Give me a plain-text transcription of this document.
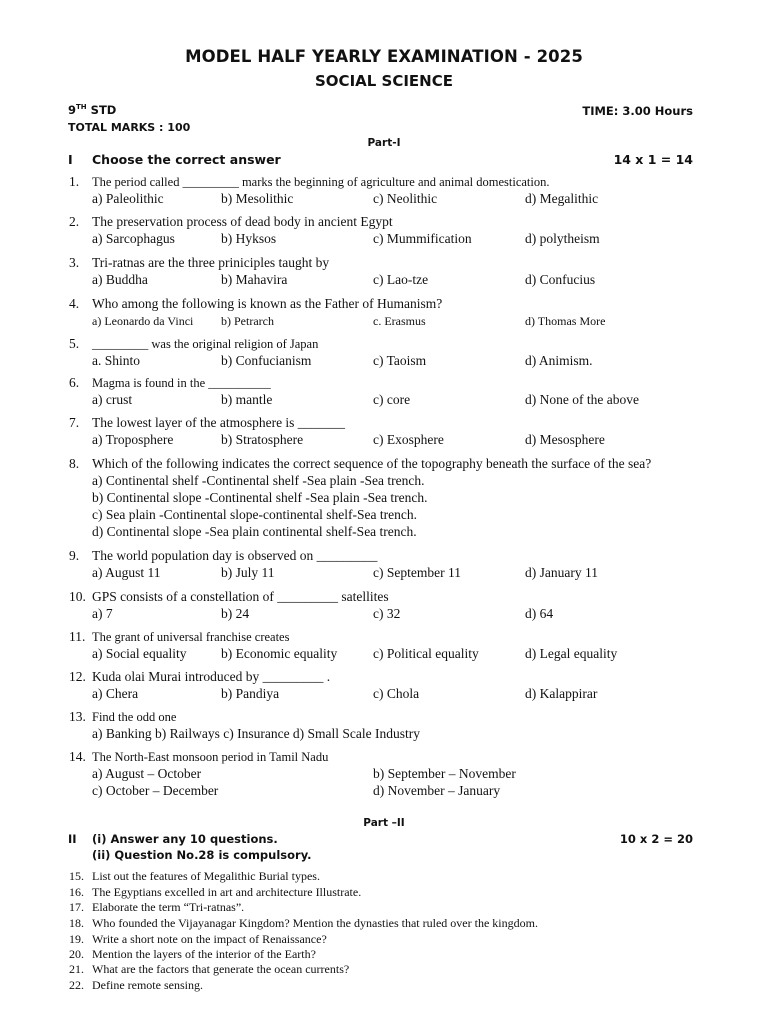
MODEL HALF YEARLY EXAMINATION - 2025
SOCIAL SCIENCE
9TH STD	TIME: 3.00 Hours
TOTAL MARKS : 100
Part-I
I Choose the correct answer	14 x 1 = 14
1. The period called _________ marks the beginning of agriculture and animal domestication.
a) Paleolithic	b) Mesolithic	c) Neolithic	d) Megalithic
2. The preservation process of dead body in ancient Egypt
a) Sarcophagus	b) Hyksos	c) Mummification	d) polytheism
3. Tri-ratnas are the three priniciples taught by
a) Buddha	b) Mahavira	c) Lao-tze	d) Confucius
4. Who among the following is known as the Father of Humanism?
a) Leonardo da Vinci b) Petrarch	c. Erasmus	d) Thomas More
5. _________ was the original religion of Japan
a. Shinto	b) Confucianism	c) Taoism	d) Animism.
6. Magma is found in the __________
a) crust	b) mantle	c) core	d) None of the above
7. The lowest layer of the atmosphere is _______
a) Troposphere	b) Stratosphere	c) Exosphere	d) Mesosphere
8. Which of the following indicates the correct sequence of the topography beneath the surface of the sea?
a) Continental shelf -Continental shelf -Sea plain -Sea trench.
b) Continental slope -Continental shelf -Sea plain -Sea trench.
c) Sea plain -Continental slope-continental shelf-Sea trench.
d) Continental slope -Sea plain continental shelf-Sea trench.
9. The world population day is observed on _________
a) August 11	b) July 11	c) September 11	d) January 11
10. GPS consists of a constellation of _________ satellites
a) 7	b) 24	c) 32	d) 64
11. The grant of universal franchise creates
a) Social equality	b) Economic equality	c) Political equality	d) Legal equality
12. Kuda olai Murai introduced by _________ .
a) Chera	b) Pandiya	c) Chola	d) Kalappirar
13. Find the odd one
a) Banking b) Railways c) Insurance d) Small Scale Industry
14. The North-East monsoon period in Tamil Nadu
a) August – October	b) September – November
c) October – December	d) November – January
Part –II
II (i) Answer any 10 questions.	10 x 2 = 20
(ii) Question No.28 is compulsory.
15. List out the features of Megalithic Burial types.
16. The Egyptians excelled in art and architecture Illustrate.
17. Elaborate the term “Tri-ratnas”.
18. Who founded the Vijayanagar Kingdom? Mention the dynasties that ruled over the kingdom.
19. Write a short note on the impact of Renaissance?
20. Mention the layers of the interior of the Earth?
21. What are the factors that generate the ocean currents?
22. Define remote sensing.
